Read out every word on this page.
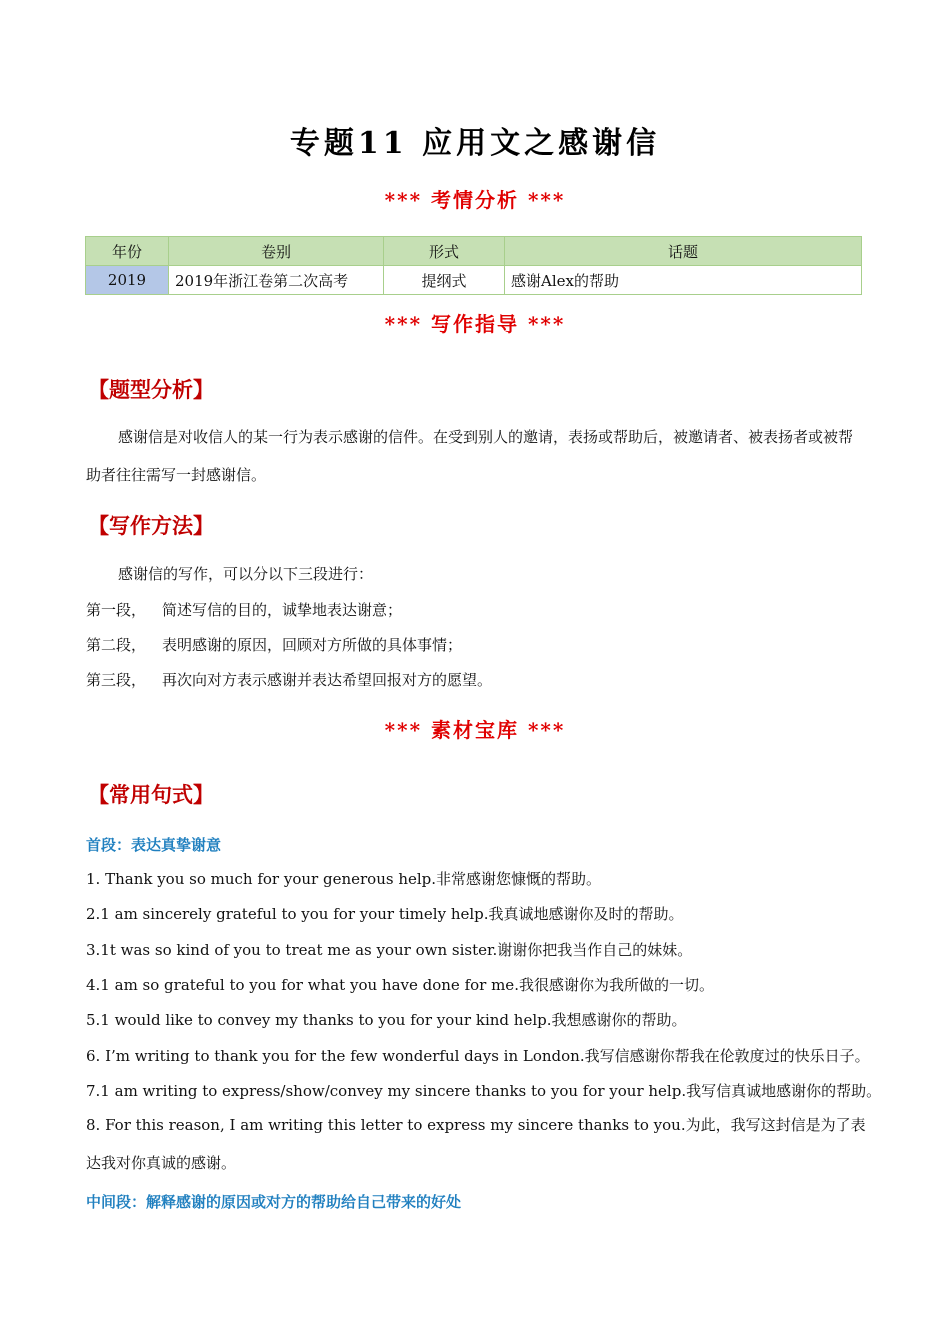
专题11 应用文之感谢信
*** 考情分析 ***
年份	卷别	形式	话题
2019	2019年浙江卷第二次高考	提纲式	感谢Alex的帮助
*** 写作指导 ***
【题型分析】
感谢信是对收信人的某一行为表示感谢的信件。在受到别人的邀请，表扬或帮助后，被邀请者、被表扬者或被帮助者往往需写一封感谢信。
【写作方法】
感谢信的写作，可以分以下三段进行：
第一段， 简述写信的目的，诚挚地表达谢意；
第二段， 表明感谢的原因，回顾对方所做的具体事情；
第三段， 再次向对方表示感谢并表达希望回报对方的愿望。
*** 素材宝库 ***
【常用句式】
首段：表达真挚谢意
1. Thank you so much for your generous help.非常感谢您慷慨的帮助。
2.1 am sincerely grateful to you for your timely help.我真诚地感谢你及时的帮助。
3.1t was so kind of you to treat me as your own sister.谢谢你把我当作自己的妹妹。
4.1 am so grateful to you for what you have done for me.我很感谢你为我所做的一切。
5.1 would like to convey my thanks to you for your kind help.我想感谢你的帮助。
6. I’m writing to thank you for the few wonderful days in London.我写信感谢你帮我在伦敦度过的快乐日子。
7.1 am writing to express/show/convey my sincere thanks to you for your help.我写信真诚地感谢你的帮助。
8. For this reason, I am writing this letter to express my sincere thanks to you.为此，我写这封信是为了表达我对你真诚的感谢。
中间段：解释感谢的原因或对方的帮助给自己带来的好处
